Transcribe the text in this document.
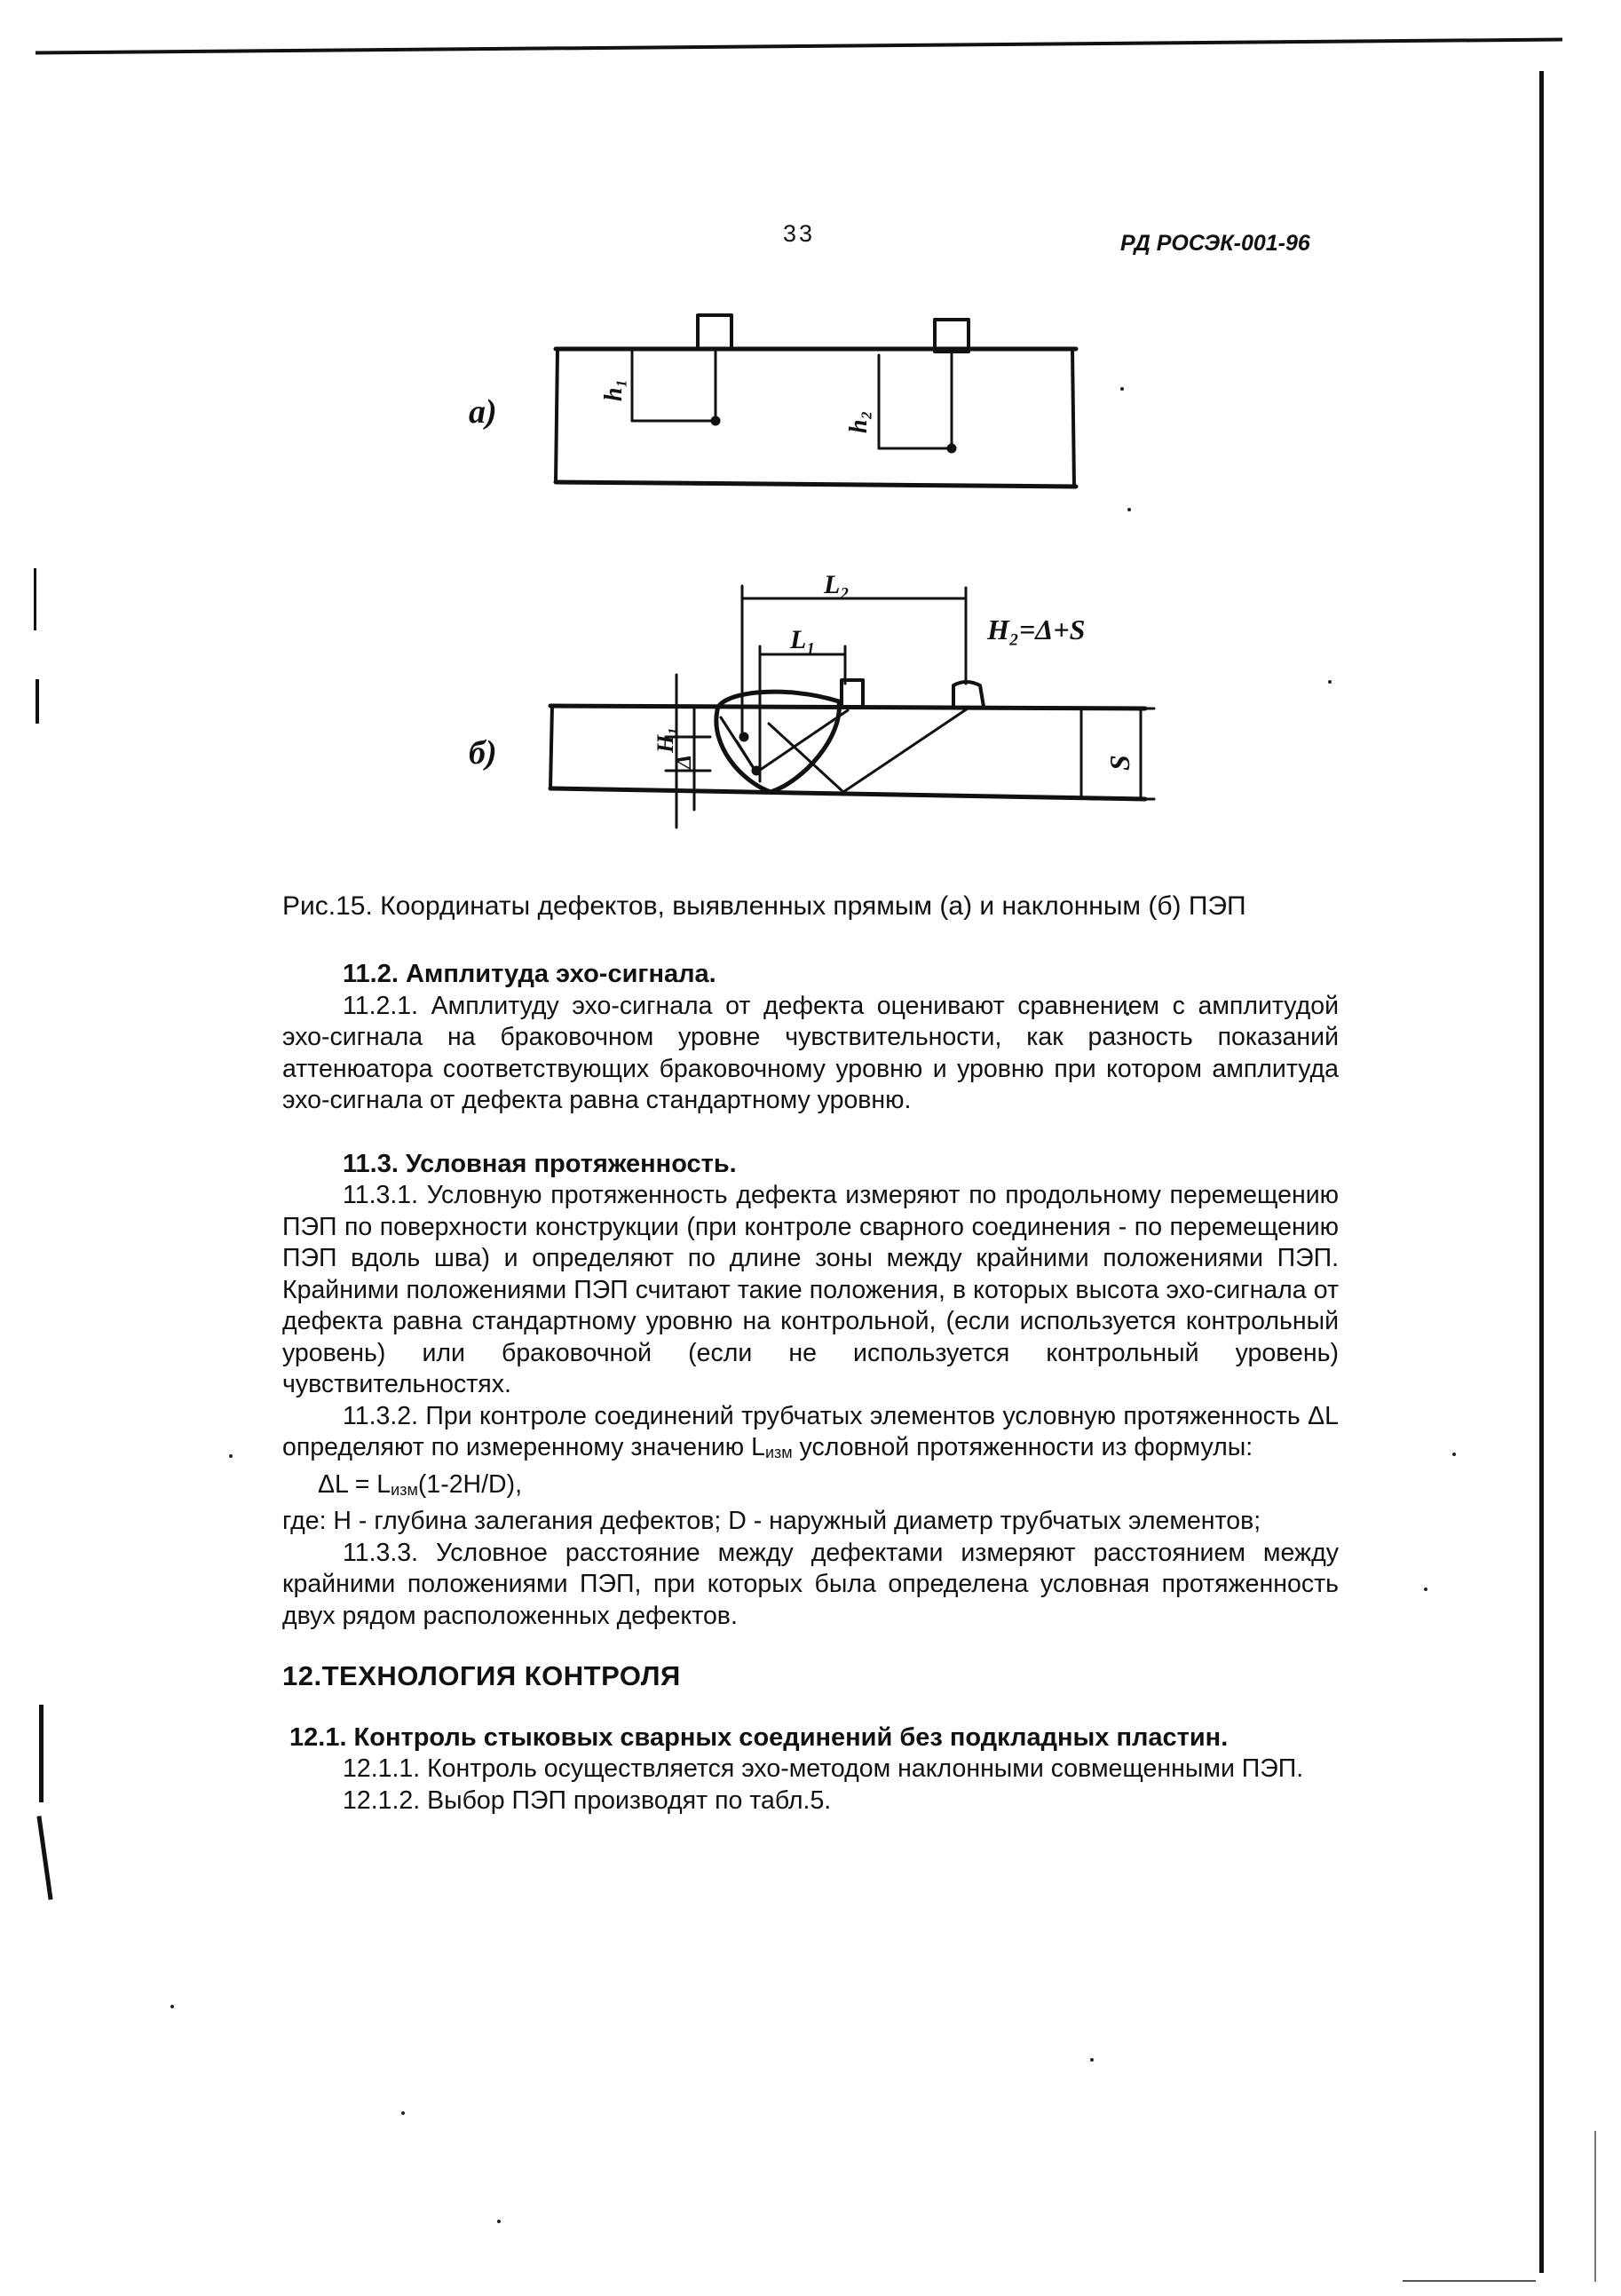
33	РД РОСЭК-001-96
а)
б)
h₁
h₂
L₂
L₁
H₁
Δ	S
H₂=Δ+S
Рис.15. Координаты дефектов, выявленных прямым (а) и наклонным (б) ПЭП
11.2. Амплитуда эхо-сигнала.

11.2.1. Амплитуду эхо-сигнала от дефекта оценивают сравнением с амплитудой эхо-сигнала на браковочном уровне чувствительности, как разность показаний аттенюатора соответствующих браковочному уровню и уровню при котором амплитуда эхо-сигнала от дефекта равна стандартному уровню.

11.3. Условная протяженность.

11.3.1. Условную протяженность дефекта измеряют по продольному перемещению ПЭП по поверхности конструкции (при контроле сварного соединения - по перемещению ПЭП вдоль шва) и определяют по длине зоны между крайними положениями ПЭП. Крайними положениями ПЭП считают такие положения, в которых высота эхо-сигнала от дефекта равна стандартному уровню на контрольной, (если используется контрольный уровень) или браковочной (если не используется контрольный уровень) чувствительностях.

11.3.2. При контроле соединений трубчатых элементов условную протяженность ΔL определяют по измеренному значению Lизм условной протяженности из формулы:

ΔL = Lизм(1-2H/D),

где: H - глубина залегания дефектов; D - наружный диаметр трубчатых элементов;

11.3.3. Условное расстояние между дефектами измеряют расстоянием между крайними положениями ПЭП, при которых была определена условная протяженность двух рядом расположенных дефектов.

12.ТЕХНОЛОГИЯ КОНТРОЛЯ

12.1. Контроль стыковых сварных соединений без подкладных пластин.

12.1.1. Контроль осуществляется эхо-методом наклонными совмещенными ПЭП.

12.1.2. Выбор ПЭП производят по табл.5.
